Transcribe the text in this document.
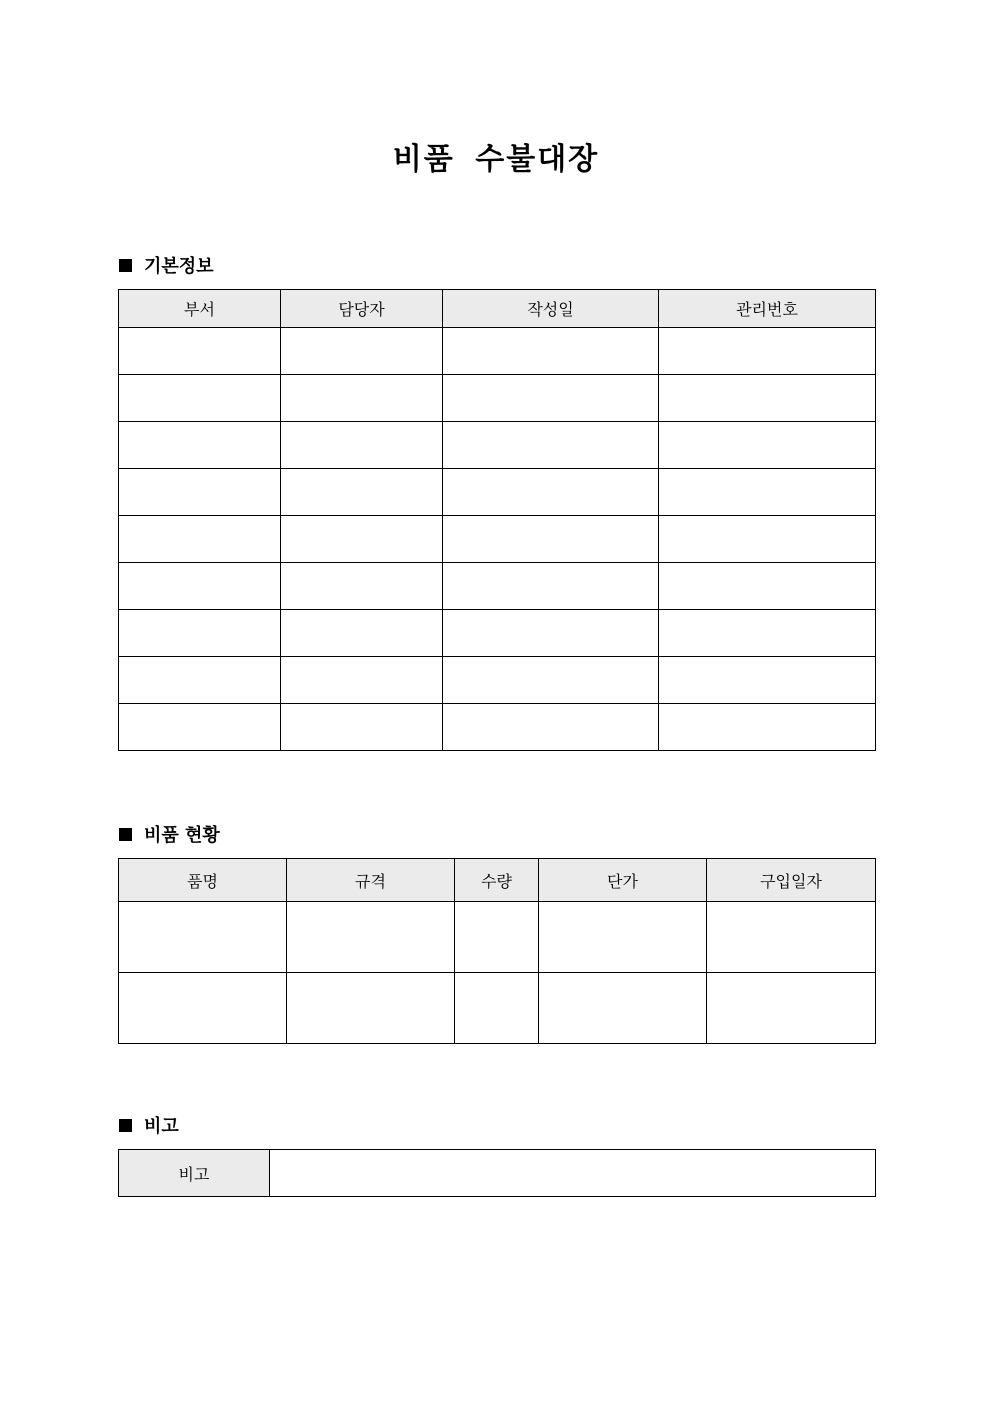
비품 수불대장
기본정보
부서	담당자	작성일	관리번호

비품 현황
품명	규격	수량	단가	구입일자

비고
비고	
